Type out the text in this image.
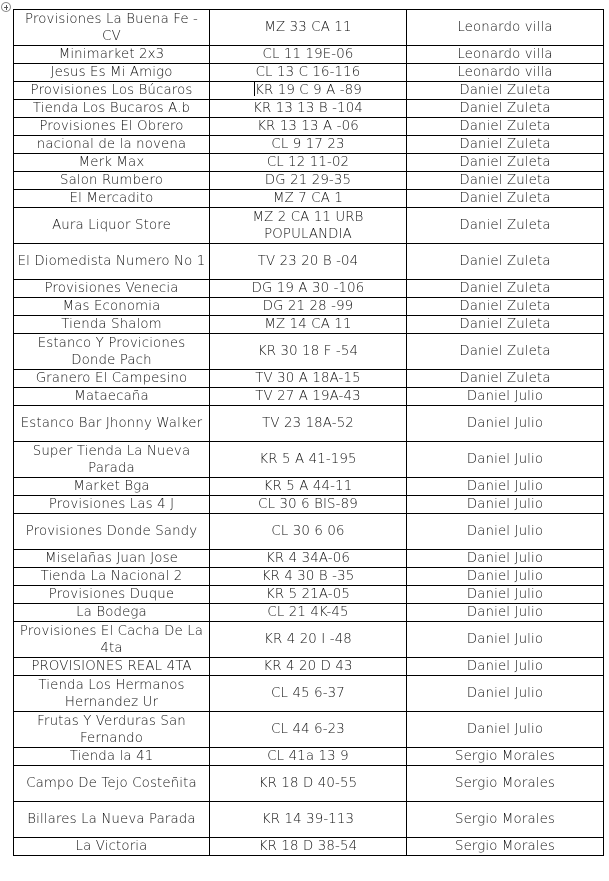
Provisiones La Buena Fe - CV	MZ 33 CA 11	Leonardo villa
Minimarket 2x3	CL 11 19E-06	Leonardo villa
Jesus Es Mi Amigo	CL 13 C 16-116	Leonardo villa
Provisiones Los Búcaros	KR 19 C 9 A -89	Daniel Zuleta
Tienda Los Bucaros A.b	KR 13 13 B -104	Daniel Zuleta
Provisiones El Obrero	KR 13 13 A -06	Daniel Zuleta
nacional de la novena	CL 9 17 23	Daniel Zuleta
Merk Max	CL 12 11-02	Daniel Zuleta
Salon Rumbero	DG 21 29-35	Daniel Zuleta
El Mercadito	MZ 7 CA 1	Daniel Zuleta
Aura Liquor Store	MZ 2 CA 11 URB POPULANDIA	Daniel Zuleta
El Diomedista Numero No 1	TV 23 20 B -04	Daniel Zuleta
Provisiones Venecia	DG 19 A 30 -106	Daniel Zuleta
Mas Economia	DG 21 28 -99	Daniel Zuleta
Tienda Shalom	MZ 14 CA 11	Daniel Zuleta
Estanco Y Proviciones Donde Pach	KR 30 18 F -54	Daniel Zuleta
Granero El Campesino	TV 30 A 18A-15	Daniel Zuleta
Mataecaña	TV 27 A 19A-43	Daniel Julio
Estanco Bar Jhonny Walker	TV 23 18A-52	Daniel Julio
Super Tienda La Nueva Parada	KR 5 A 41-195	Daniel Julio
Market Bga	KR 5 A 44-11	Daniel Julio
Provisiones Las 4 J	CL 30 6 BIS-89	Daniel Julio
Provisiones Donde Sandy	CL 30 6 06	Daniel Julio
Miselañas Juan Jose	KR 4 34A-06	Daniel Julio
Tienda La Nacional 2	KR 4 30 B -35	Daniel Julio
Provisiones Duque	KR 5 21A-05	Daniel Julio
La Bodega	CL 21 4K-45	Daniel Julio
Provisiones El Cacha De La 4ta	KR 4 20 I -48	Daniel Julio
PROVISIONES REAL 4TA	KR 4 20 D 43	Daniel Julio
Tienda Los Hermanos Hernandez Ur	CL 45 6-37	Daniel Julio
Frutas Y Verduras San Fernando	CL 44 6-23	Daniel Julio
Tienda la 41	CL 41a 13 9	Sergio Morales
Campo De Tejo Costeñita	KR 18 D 40-55	Sergio Morales
Billares La Nueva Parada	KR 14 39-113	Sergio Morales
La Victoria	KR 18 D 38-54	Sergio Morales
